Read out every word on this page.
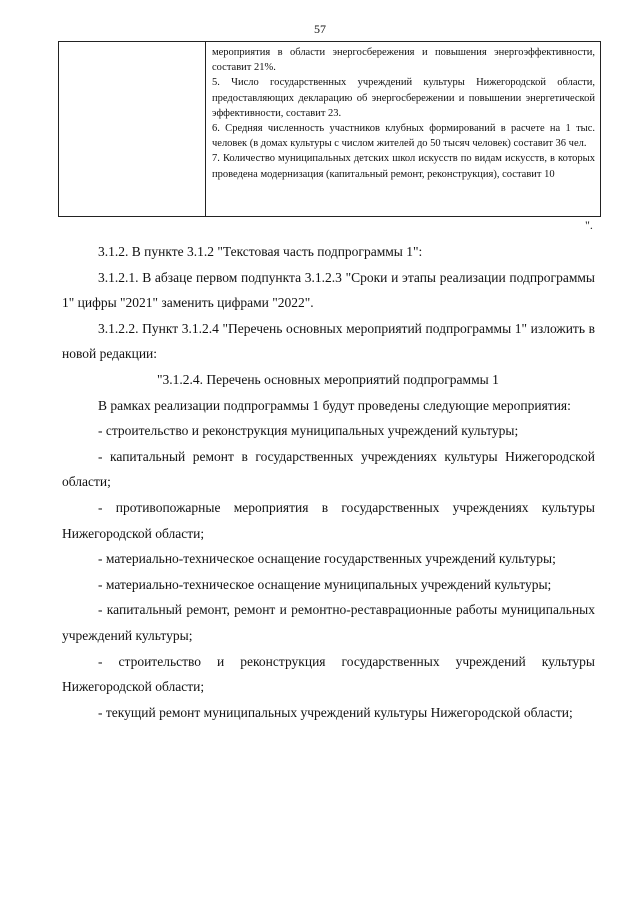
57

мероприятия в области энергосбережения и повышения энергоэффективности, составит 21%.

5. Число государственных учреждений культуры Нижегородской области, предоставляющих декларацию об энергосбережении и повышении энергетической эффективности, составит 23.

6. Средняя численность участников клубных формирований в расчете на 1 тыс. человек (в домах культуры с числом жителей до 50 тысяч человек) составит 36 чел.

7. Количество муниципальных детских школ искусств по видам искусств, в которых проведена модернизация (капитальный ремонт, реконструкция), составит 10

".

3.1.2. В пункте 3.1.2 "Текстовая часть подпрограммы 1":

3.1.2.1. В абзаце первом подпункта 3.1.2.3 "Сроки и этапы реализации подпрограммы 1" цифры "2021" заменить цифрами "2022".

3.1.2.2. Пункт 3.1.2.4 "Перечень основных мероприятий подпрограммы 1" изложить в новой редакции:

"3.1.2.4. Перечень основных мероприятий подпрограммы 1

В рамках реализации подпрограммы 1 будут проведены следующие мероприятия:

- строительство и реконструкция муниципальных учреждений культуры;

- капитальный ремонт в государственных учреждениях культуры Нижегородской области;

- противопожарные мероприятия в государственных учреждениях культуры Нижегородской области;

- материально-техническое оснащение государственных учреждений культуры;

- материально-техническое оснащение муниципальных учреждений культуры;

- капитальный ремонт, ремонт и ремонтно-реставрационные работы муниципальных учреждений культуры;

- строительство и реконструкция государственных учреждений культуры Нижегородской области;

- текущий ремонт муниципальных учреждений культуры Нижегородской области;
